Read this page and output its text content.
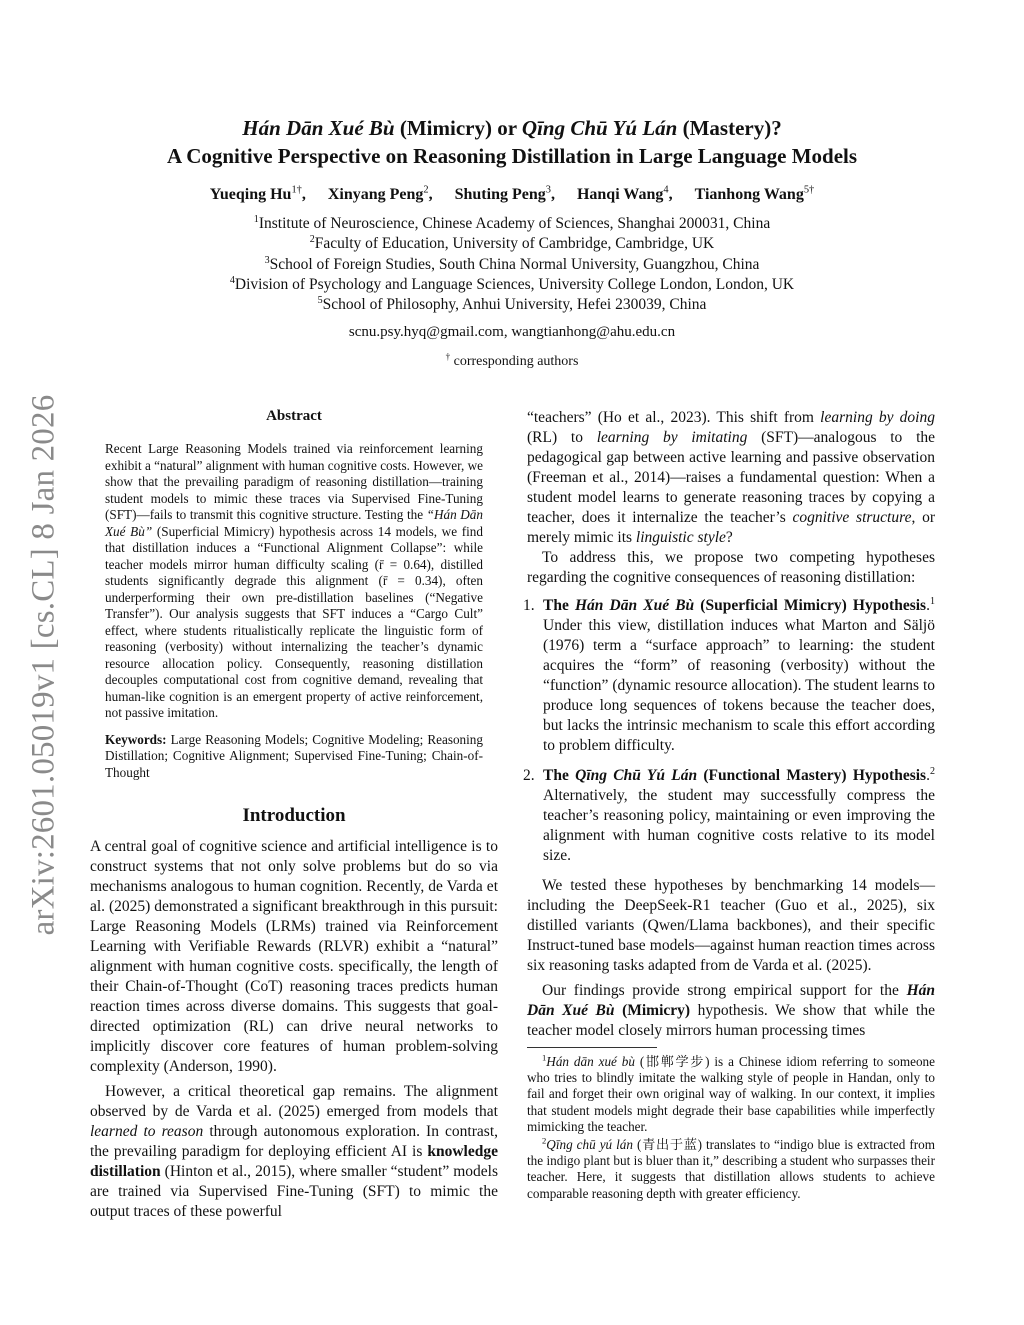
arXiv:2601.05019v1 [cs.CL] 8 Jan 2026
Hán Dān Xué Bù (Mimicry) or Qīng Chū Yú Lán (Mastery)?
A Cognitive Perspective on Reasoning Distillation in Large Language Models
Yueqing $Hu^{1\dagger}$, Xinyang Peng$^2$, Shuting Peng$^3$, Hanqi Wang$^4$, Tianhong Wang$^{5\dagger}$
$^1$Institute of Neuroscience, Chinese Academy of Sciences, Shanghai 200031, China
$^2$Faculty of Education, University of Cambridge, Cambridge, UK
$^3$School of Foreign Studies, South China Normal University, Guangzhou, China
$^4$Division of Psychology and Language Sciences, University College London, London, UK
$^5$School of Philosophy, Anhui University, Hefei 230039, China
scnu.psy.hyq@gmail.com, wangtianhong@ahu.edu.cn
† corresponding authors
Abstract

Recent Large Reasoning Models trained via reinforcement learning exhibit a “natural” alignment with human cognitive costs. However, we show that the prevailing paradigm of reasoning distillation—training student models to mimic these traces via Supervised Fine-Tuning (SFT)—fails to transmit this cognitive structure. Testing the “Hán Dān Xué Bù” (Superficial Mimicry) hypothesis across 14 models, we find that distillation induces a “Functional Alignment Collapse”: while teacher models mirror human difficulty scaling (r̄ = 0.64), distilled students significantly degrade this alignment (r̄ = 0.34), often underperforming their own pre-distillation baselines (“Negative Transfer”). Our analysis suggests that SFT induces a “Cargo Cult” effect, where students ritualistically replicate the linguistic form of reasoning (verbosity) without internalizing the teacher’s dynamic resource allocation policy. Consequently, reasoning distillation decouples computational cost from cognitive demand, revealing that human-like cognition is an emergent property of active reinforcement, not passive imitation.

Keywords: Large Reasoning Models; Cognitive Modeling; Reasoning Distillation; Cognitive Alignment; Supervised Fine-Tuning; Chain-of-Thought

Introduction

A central goal of cognitive science and artificial intelligence is to construct systems that not only solve problems but do so via mechanisms analogous to human cognition. Recently, de Varda et al. (2025) demonstrated a significant breakthrough in this pursuit: Large Reasoning Models (LRMs) trained via Reinforcement Learning with Verifiable Rewards (RLVR) exhibit a “natural” alignment with human cognitive costs. specifically, the length of their Chain-of-Thought (CoT) reasoning traces predicts human reaction times across diverse domains. This suggests that goal-directed optimization (RL) can drive neural networks to implicitly discover core features of human problem-solving complexity (Anderson, 1990).

However, a critical theoretical gap remains. The alignment observed by de Varda et al. (2025) emerged from models that learned to reason through autonomous exploration. In contrast, the prevailing paradigm for deploying efficient AI is knowledge distillation (Hinton et al., 2015), where smaller “student” models are trained via Supervised Fine-Tuning (SFT) to mimic the output traces of these powerful

“teachers” (Ho et al., 2023). This shift from learning by doing (RL) to learning by imitating (SFT)—analogous to the pedagogical gap between active learning and passive observation (Freeman et al., 2014)—raises a fundamental question: When a student model learns to generate reasoning traces by copying a teacher, does it internalize the teacher’s cognitive structure, or merely mimic its linguistic style?

To address this, we propose two competing hypotheses regarding the cognitive consequences of reasoning distillation:

1. The Hán Dān Xué Bù (Superficial Mimicry) Hypothesis.$^1$ Under this view, distillation induces what Marton and Säljö (1976) term a “surface approach” to learning: the student acquires the “form” of reasoning (verbosity) without the “function” (dynamic resource allocation). The student learns to produce long sequences of tokens because the teacher does, but lacks the intrinsic mechanism to scale this effort according to problem difficulty.
2. The Qīng Chū Yú Lán (Functional Mastery) Hypothesis.$^2$ Alternatively, the student may successfully compress the teacher’s reasoning policy, maintaining or even improving the alignment with human cognitive costs relative to its model size.

We tested these hypotheses by benchmarking 14 models—including the DeepSeek-R1 teacher (Guo et al., 2025), six distilled variants (Qwen/Llama backbones), and their specific Instruct-tuned base models—against human reaction times across six reasoning tasks adapted from de Varda et al. (2025).

Our findings provide strong empirical support for the Hán Dān Xué Bù (Mimicry) hypothesis. We show that while the teacher model closely mirrors human processing times

$^1$Hán dān xué bù (邯郸学步) is a Chinese idiom referring to someone who tries to blindly imitate the walking style of people in Handan, only to fail and forget their own original way of walking. In our context, it implies that student models might degrade their base capabilities while imperfectly mimicking the teacher.

$^2$Qīng chū yú lán (青出于蓝) translates to “indigo blue is extracted from the indigo plant but is bluer than it,” describing a student who surpasses their teacher. Here, it suggests that distillation allows students to achieve comparable reasoning depth with greater efficiency.
